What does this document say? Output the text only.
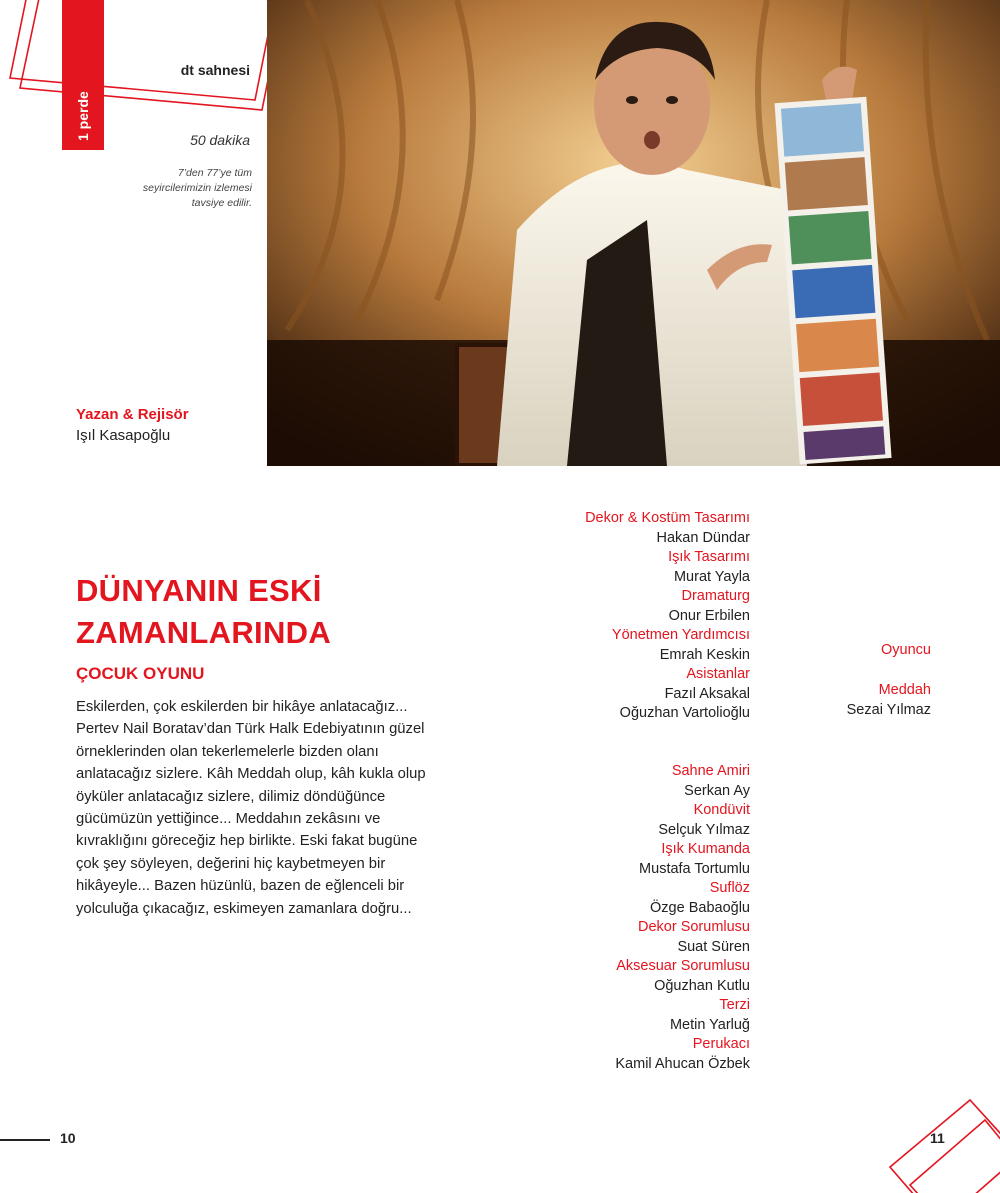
1 perde
dt sahnesi
50 dakika
7’den 77’ye tüm seyircilerimizin izlemesi tavsiye edilir.
Yazan & Rejisör
Işıl Kasapoğlu
DÜNYANIN ESKİ ZAMANLARINDA
ÇOCUK OYUNU
Eskilerden, çok eskilerden bir hikâye anlatacağız... Pertev Nail Boratav’dan Türk Halk Edebiyatının güzel örneklerinden olan tekerlemelerle bizden olanı anlatacağız sizlere. Kâh Meddah olup, kâh kukla olup öyküler anlatacağız sizlere, dilimiz döndüğünce gücümüzün yettiğince... Meddahın zekâsını ve kıvraklığını göreceğiz hep birlikte. Eski fakat bugüne çok şey söyleyen, değerini hiç kaybetmeyen bir hikâyeyle... Bazen hüzünlü, bazen de eğlenceli bir yolculuğa çıkacağız, eskimeyen zamanlara doğru...
Dekor & Kostüm Tasarımı
Hakan Dündar
Işık Tasarımı
Murat Yayla
Dramaturg
Onur Erbilen
Yönetmen Yardımcısı
Emrah Keskin
Asistanlar
Fazıl Aksakal
Oğuzhan Vartolioğlu
Sahne Amiri
Serkan Ay
Kondüvit
Selçuk Yılmaz
Işık Kumanda
Mustafa Tortumlu
Suflöz
Özge Babaoğlu
Dekor Sorumlusu
Suat Süren
Aksesuar Sorumlusu
Oğuzhan Kutlu
Terzi
Metin Yarluğ
Perukacı
Kamil Ahucan Özbek
Oyuncu
Meddah
Sezai Yılmaz
10	11
